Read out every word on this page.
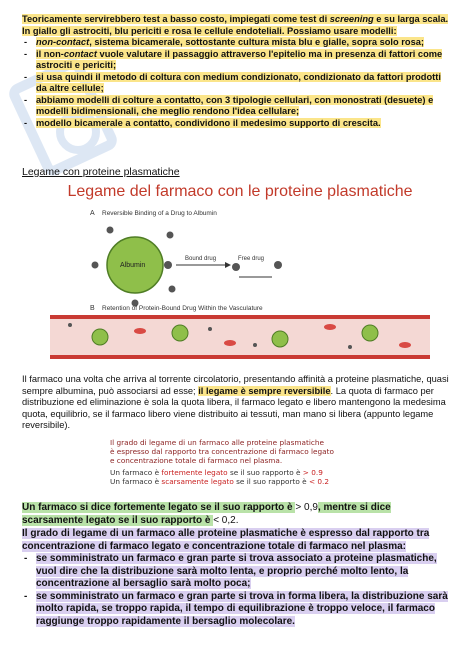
Teoricamente servirebbero test a basso costo, impiegati come test di screening e su larga scala. In giallo gli astrociti, blu periciti e rosa le cellule endoteliali. Possiamo usare modelli:
- non-contact, sistema bicamerale, sottostante cultura mista blu e gialle, sopra solo rosa;
- il non-contact vuole valutare il passaggio attraverso l'epitelio ma in presenza di fattori come astrociti e periciti;
- si usa quindi il metodo di coltura con medium condizionato, condizionato da fattori prodotti da altre cellule;
- abbiamo modelli di colture a contatto, con 3 tipologie cellulari, con monostrati (desuete) e modelli bidimensionali, che meglio rendono l'idea cellulare;
- modello bicamerale a contatto, condividono il medesimo supporto di crescita.
Legame con proteine plasmatiche
Legame del farmaco con le proteine plasmatiche
A Reversible Binding of a Drug to Albumin
Albumin
Bound drug	Free drug
B Retention of Protein-Bound Drug Within the Vasculature
Il farmaco una volta che arriva al torrente circolatorio, presentando affinità a proteine plasmatiche, quasi sempre albumina, può associarsi ad esse; il legame è sempre reversibile. La quota di farmaco per distribuzione ed eliminazione è sola la quota libera, il farmaco legato e libero mantengono la medesima quota, equilibrio, se il farmaco libero viene distribuito ai tessuti, man mano si libera (appunto legame reversibile).
Il grado di legame di un farmaco alle proteine plasmatiche
è espresso dal rapporto tra concentrazione di farmaco legato
e concentrazione totale di farmaco nel plasma.
Un farmaco è fortemente legato se il suo rapporto è > 0.9
Un farmaco è scarsamente legato se il suo rapporto è < 0.2
Un farmaco si dice fortemente legato se il suo rapporto è > 0,9, mentre si dice scarsamente legato se il suo rapporto è < 0,2.
Il grado di legame di un farmaco alle proteine plasmatiche è espresso dal rapporto tra concentrazione di farmaco legato e concentrazione totale di farmaco nel plasma:
- se somministrato un farmaco e gran parte si trova associato a proteine plasmatiche, vuol dire che la distribuzione sarà molto lenta, e proprio perché molto lento, la concentrazione al bersaglio sarà molto poca;
- se somministrato un farmaco e gran parte si trova in forma libera, la distribuzione sarà molto rapida, se troppo rapida, il tempo di equilibrazione è troppo veloce, il farmaco raggiunge troppo rapidamente il bersaglio molecolare.
